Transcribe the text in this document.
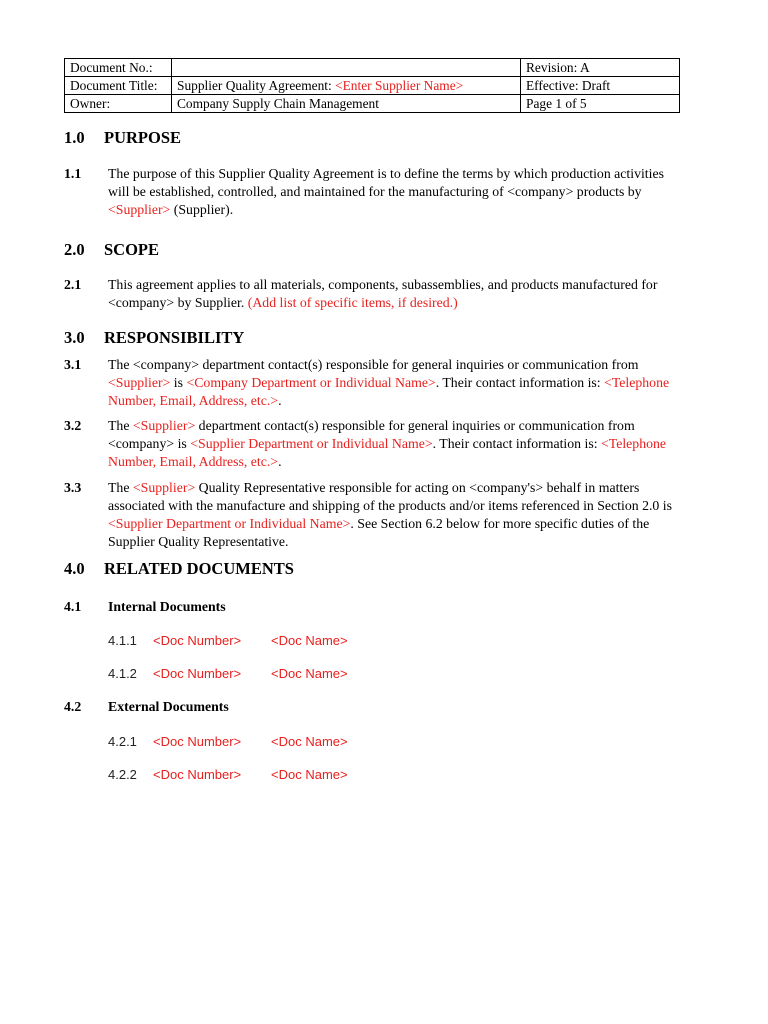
Document No.:		Revision: A
Document Title:	Supplier Quality Agreement: <Enter Supplier Name>	Effective: Draft
Owner:	Company Supply Chain Management	Page 1 of 5
1.0	PURPOSE
1.1	The purpose of this Supplier Quality Agreement is to define the terms by which production activities will be established, controlled, and maintained for the manufacturing of <company> products by <Supplier> (Supplier).
2.0	SCOPE
2.1	This agreement applies to all materials, components, subassemblies, and products manufactured for <company> by Supplier. (Add list of specific items, if desired.)
3.0	RESPONSIBILITY
3.1	The <company> department contact(s) responsible for general inquiries or communication from <Supplier> is <Company Department or Individual Name>. Their contact information is: <Telephone Number, Email, Address, etc.>.
3.2	The <Supplier> department contact(s) responsible for general inquiries or communication from <company> is <Supplier Department or Individual Name>. Their contact information is: <Telephone Number, Email, Address, etc.>.
3.3	The <Supplier> Quality Representative responsible for acting on <company's> behalf in matters associated with the manufacture and shipping of the products and/or items referenced in Section 2.0 is <Supplier Department or Individual Name>. See Section 6.2 below for more specific duties of the Supplier Quality Representative.
4.0	RELATED DOCUMENTS
4.1	Internal Documents
4.1.1	<Doc Number>	<Doc Name>
4.1.2	<Doc Number>	<Doc Name>
4.2	External Documents
4.2.1	<Doc Number>	<Doc Name>
4.2.2	<Doc Number>	<Doc Name>
